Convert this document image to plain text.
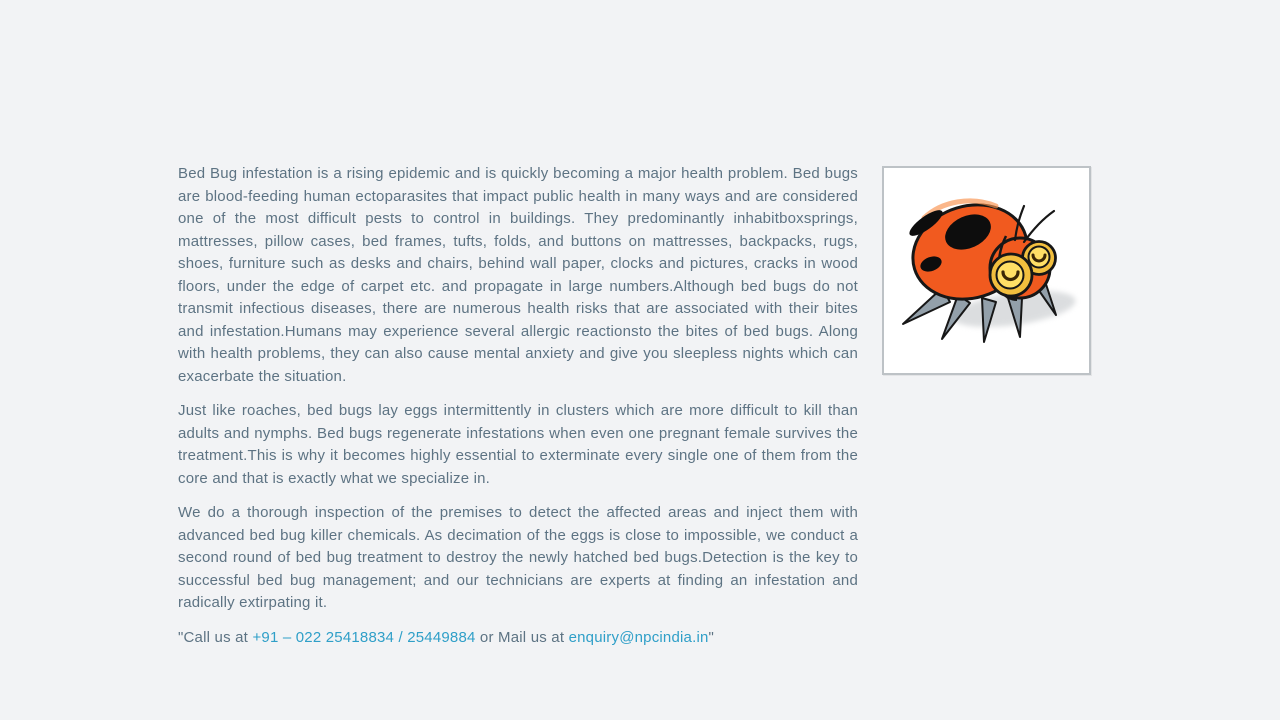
Bed Bug infestation is a rising epidemic and is quickly becoming a major health problem. Bed bugs are blood-feeding human ectoparasites that impact public health in many ways and are considered one of the most difficult pests to control in buildings. They predominantly inhabitboxsprings, mattresses, pillow cases, bed frames, tufts, folds, and buttons on mattresses, backpacks, rugs, shoes, furniture such as desks and chairs, behind wall paper, clocks and pictures, cracks in wood floors, under the edge of carpet etc. and propagate in large numbers.Although bed bugs do not transmit infectious diseases, there are numerous health risks that are associated with their bites and infestation.Humans may experience several allergic reactionsto the bites of bed bugs. Along with health problems, they can also cause mental anxiety and give you sleepless nights which can exacerbate the situation.

Just like roaches, bed bugs lay eggs intermittently in clusters which are more difficult to kill than adults and nymphs. Bed bugs regenerate infestations when even one pregnant female survives the treatment.This is why it becomes highly essential to exterminate every single one of them from the core and that is exactly what we specialize in.

We do a thorough inspection of the premises to detect the affected areas and inject them with advanced bed bug killer chemicals. As decimation of the eggs is close to impossible, we conduct a second round of bed bug treatment to destroy the newly hatched bed bugs.Detection is the key to successful bed bug management; and our technicians are experts at finding an infestation and radically extirpating it.

"Call us at +91 – 022 25418834 / 25449884 or Mail us at enquiry@npcindia.in"
